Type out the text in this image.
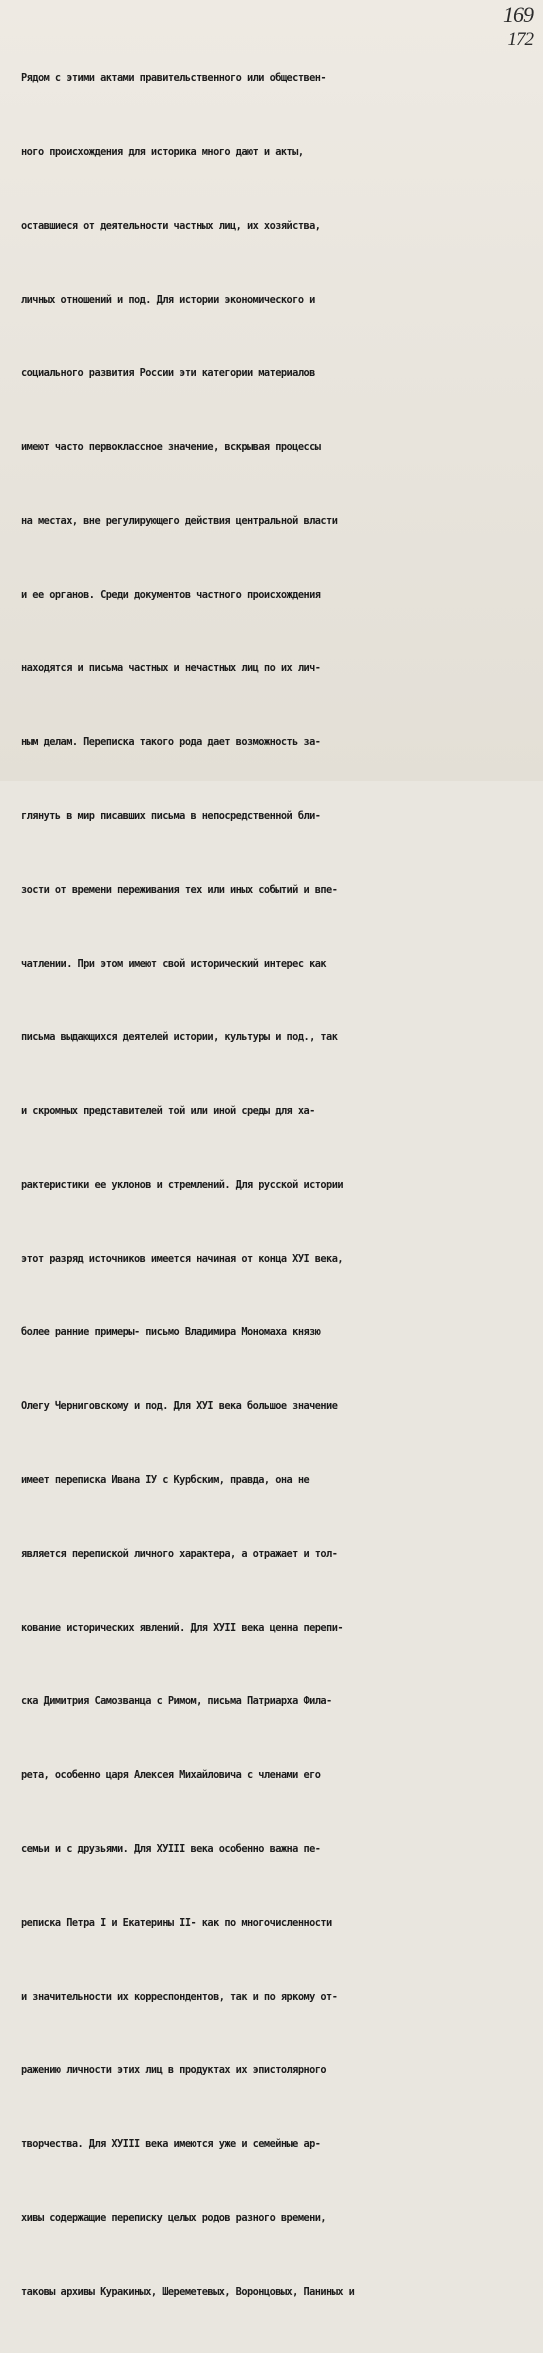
169
172

Рядом с этими актами правительственного или обществен-

ного происхождения для историка много дают и акты,

оставшиеся от деятельности частных лиц, их хозяйства,

личных отношений и под. Для истории экономического и

социального развития России эти категории материалов

имеют часто первоклассное значение, вскрывая процессы

на местах, вне регулирующего действия центральной власти

и ее органов. Среди документов частного происхождения

находятся и письма частных и нечастных лиц по их лич-

ным делам. Переписка такого рода дает возможность за-

глянуть в мир писавших письма в непосредственной бли-

зости от времени переживания тех или иных событий и впе-

чатлении. При этом имеют свой исторический интерес как

письма выдающихся деятелей истории, культуры и под., так

и скромных представителей той или иной среды для ха-

рактеристики ее уклонов и стремлений. Для русской истории

этот разряд источников имеется начиная от конца XУI века,

более ранние примеры- письмо Владимира Мономаха князю

Олегу Черниговскому и под. Для XУI века большое значение

имеет переписка Ивана IУ с Курбским, правда, она не

является перепиской личного характера, а отражает и тол-

кование исторических явлений. Для XУII века ценна перепи-

ска Димитрия Самозванца с Римом, письма Патриарха Фила-

рета, особенно царя Алексея Михайловича с членами его

семьи и с друзьями. Для XУIII века особенно важна пе-

реписка Петра I и Екатерины II- как по многочисленности

и значительности их корреспондентов, так и по яркому от-

ражению личности этих лиц в продуктах их эпистолярного

творчества. Для XУIII века имеются уже и семейные ар-

хивы содержащие переписку целых родов разного времени,

таковы архивы Куракиных, Шереметевых, Воронцовых, Паниных и
